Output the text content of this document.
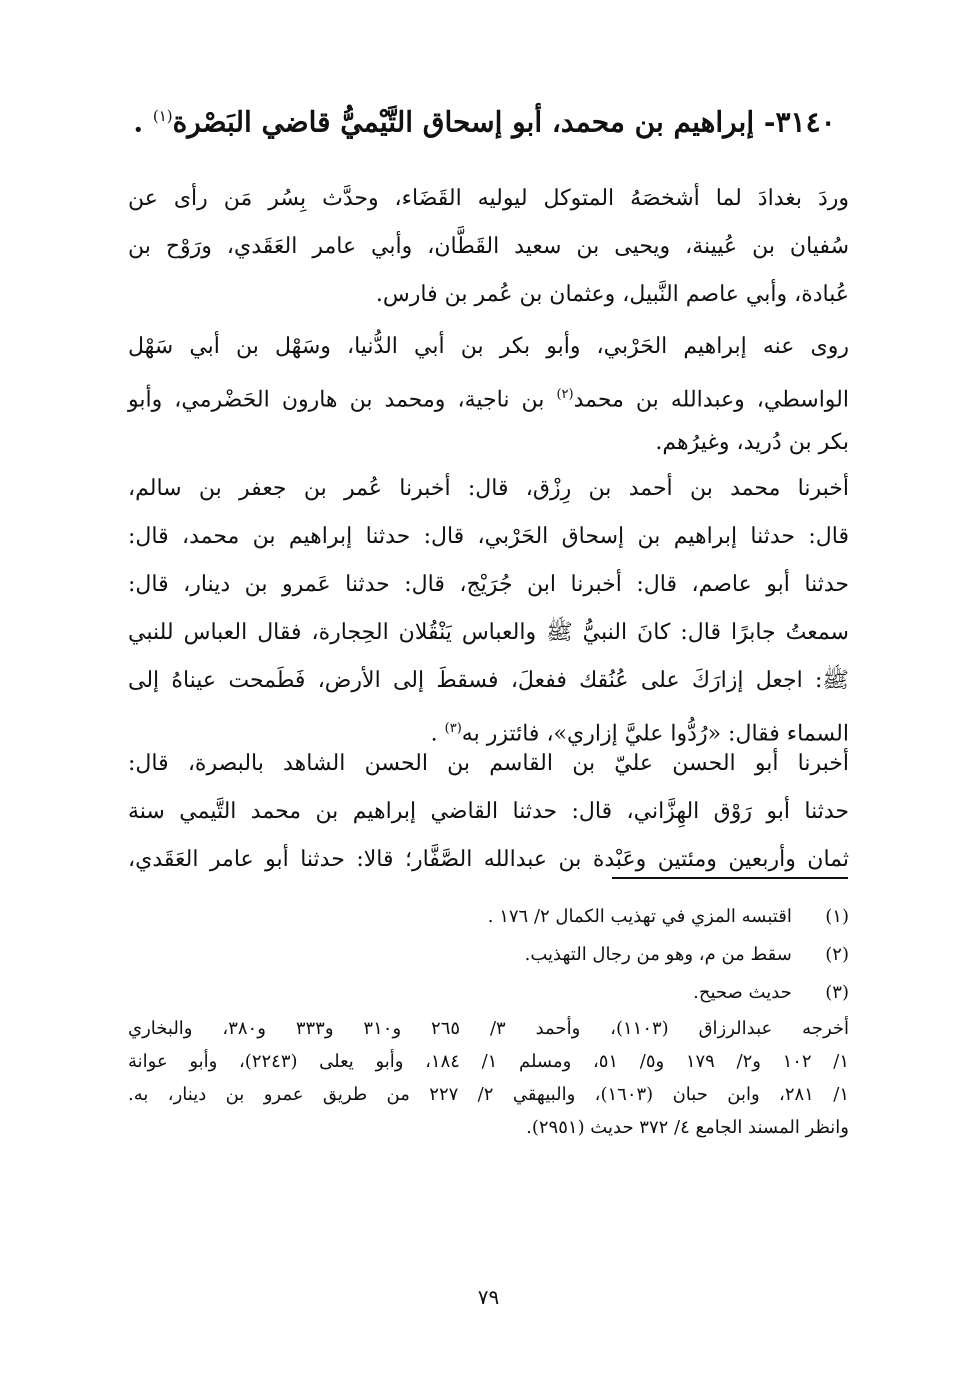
٣١٤٠- إبراهيم بن محمد، أبو إسحاق التَّيْميُّ قاضي البَصْرة$^{(١)}$ .
وردَ بغدادَ لما أشخصَهُ المتوكل ليوليه القَضَاء، وحدَّث بِسُر مَن رأى عن
سُفيان بن عُيينة، ويحيى بن سعيد القَطَّان، وأبي عامر العَقَدي، ورَوْح بن
عُبادة، وأبي عاصم النَّبيل، وعثمان بن عُمر بن فارس.
روى عنه إبراهيم الحَرْبي، وأبو بكر بن أبي الدُّنيا، وسَهْل بن أبي سَهْل
الواسطي، وعبدالله بن محمد$^{(٢)}$ بن ناجية، ومحمد بن هارون الحَضْرمي، وأبو
بكر بن دُريد، وغيرُهم.
أخبرنا محمد بن أحمد بن رِزْق، قال: أخبرنا عُمر بن جعفر بن سالم،
قال: حدثنا إبراهيم بن إسحاق الحَرْبي، قال: حدثنا إبراهيم بن محمد، قال:
حدثنا أبو عاصم، قال: أخبرنا ابن جُرَيْج، قال: حدثنا عَمرو بن دينار، قال:
سمعتُ جابرًا قال: كانَ النبيُّ ﷺ والعباس يَنْقُلان الحِجارة، فقال العباس للنبي
ﷺ: اجعل إزارَكَ على عُنُقك ففعلَ، فسقطَ إلى الأرض، فَطَمحت عيناهُ إلى
السماء فقال: «رُدُّوا عليَّ إزاري»، فائتزر به$^{(٣)}$ .
أخبرنا أبو الحسن عليّ بن القاسم بن الحسن الشاهد بالبصرة، قال:
حدثنا أبو رَوْق الهِزَّاني، قال: حدثنا القاضي إبراهيم بن محمد التَّيمي سنة
ثمان وأربعين ومئتين وعَبْدة بن عبدالله الصَّفَّار؛ قالا: حدثنا أبو عامر العَقَدي،
(١)   اقتبسه المزي في تهذيب الكمال ٢/ ١٧٦ .
(٢)   سقط من م، وهو من رجال التهذيب.
(٣)   حديث صحيح.
أخرجه عبدالرزاق (١١٠٣)، وأحمد ٣/ ٢٦٥ و٣١٠ و٣٣٣ و٣٨٠، والبخاري
١/ ١٠٢ و٢/ ١٧٩ و٥/ ٥١، ومسلم ١/ ١٨٤، وأبو يعلى (٢٢٤٣)، وأبو عوانة
١/ ٢٨١، وابن حبان (١٦٠٣)، والبيهقي ٢/ ٢٢٧ من طريق عمرو بن دينار، به.
وانظر المسند الجامع ٤/ ٣٧٢ حديث (٢٩٥١).
٧٩
